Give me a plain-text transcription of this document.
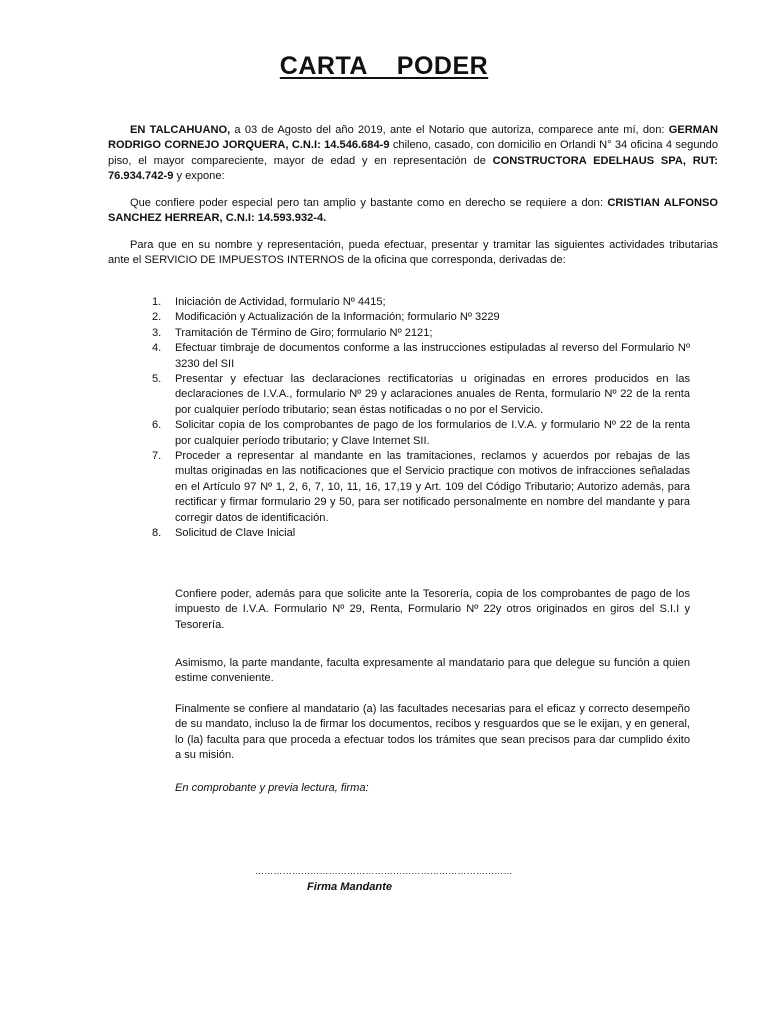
CARTA    PODER

EN TALCAHUANO, a 03 de Agosto del año 2019, ante el Notario que autoriza, comparece ante mí, don: GERMAN RODRIGO CORNEJO JORQUERA, C.N.I: 14.546.684-9 chileno, casado, con domicilio en Orlandi N° 34 oficina 4 segundo piso, el mayor compareciente, mayor de edad y en representación de CONSTRUCTORA EDELHAUS SPA, RUT: 76.934.742-9 y expone:

Que confiere poder especial pero tan amplio y bastante como en derecho se requiere a don: CRISTIAN ALFONSO SANCHEZ HERREAR, C.N.I: 14.593.932-4.

Para que en su nombre y representación, pueda efectuar, presentar y tramitar las siguientes actividades tributarias ante el SERVICIO DE IMPUESTOS INTERNOS de la oficina que corresponda, derivadas de:

1. Iniciación de Actividad, formulario Nº 4415;
2. Modificación y Actualización de la Información; formulario Nº 3229
3. Tramitación de Término de Giro; formulario Nº 2121;
4. Efectuar timbraje de documentos conforme a las instrucciones estipuladas al reverso del Formulario Nº 3230 del SII
5. Presentar y efectuar las declaraciones rectificatorias u originadas en errores producidos en las declaraciones de I.V.A., formulario Nº 29 y aclaraciones anuales de Renta, formulario Nº 22 de la renta por cualquier período tributario; sean éstas notificadas o no por el Servicio.
6. Solicitar copia de los comprobantes de pago de los formularios de I.V.A. y formulario Nº 22 de la renta por cualquier período tributario; y Clave Internet SII.
7. Proceder a representar al mandante en las tramitaciones, reclamos y acuerdos por rebajas de las multas originadas en las notificaciones que el Servicio practique con motivos de infracciones señaladas en el Artículo 97 Nº 1, 2, 6, 7, 10, 11, 16, 17,19 y Art. 109 del Código Tributario; Autorizo además, para rectificar y firmar formulario 29 y 50, para ser notificado personalmente en nombre del mandante y para corregir datos de identificación.
8. Solicitud de Clave Inicial
Confiere poder, además para que solicite ante la Tesorería, copia de los comprobantes de pago de los impuesto de I.V.A. Formulario Nº 29, Renta, Formulario Nº 22y otros originados en giros del S.I.I y Tesorería.
Asimismo, la parte mandante, faculta expresamente al mandatario para que delegue su función a quien estime conveniente.
Finalmente se confiere al mandatario (a) las facultades necesarias para el eficaz y correcto desempeño de su mandato, incluso la de firmar los documentos, recibos y resguardos que se le exijan, y en general, lo (la) faculta para que proceda a efectuar todos los trámites que sean precisos para dar cumplido éxito a su misión.
En comprobante y previa lectura, firma:
…………………………………………………………………………
Firma Mandante
